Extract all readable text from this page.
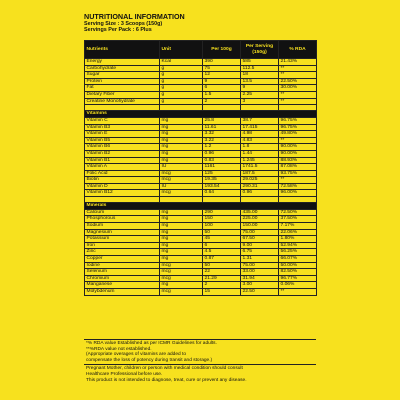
NUTRITIONAL INFORMATION
Serving Size : 3 Scoops (150g)
Servings Per Pack : 6 Plus
Nutrients	Unit	Per 100g	Per Serving (150g)	% RDA
Energy	Kcal	390	585	21.43%
Carbohydrate	g	75	112.5	**
Sugar	g	12	18	**
Protein	g	9	13.5	22.50%
Fat	g	6	9	30.00%
Dietary Fiber	g	1.5	2.25	**
Creatine Monohydrate	g	2	3	**

Vitamins				
Vitamin C	mg	25.8	38.7	96.75%
Vitamin B3	mg	11.61	17.415	96.75%
Vitamin E	mg	3.32	4.98	49.80%
Vitamin B5	mg	3.22	4.83	**
Vitamin B6	mg	1.2	1.8	90.00%
Vitamin B2	mg	0.96	1.44	90.00%
Vitamin B1	mg	0.83	1.245	88.93%
Vitamin A	IU	1161	1741.5	87.08%
Folic Acid	mcg	125	187.5	93.75%
Biotin	mcg	19.35	29.025	**
Vitamin D	IU	193.54	290.31	72.58%
Vitamin B12	mcg	0.64	0.96	96.00%

Minerals				
Calcium	mg	290	435.00	72.50%
Phosphorous	mg	150	225.00	37.50%
Sodium	mg	100	150.00	7.17%
Magnesium	mg	50	75.00	22.06%
Potassium	mg	45	67.50	1.80%
Iron	mg	6	9.00	52.94%
Zinc	mg	4.5	6.75	56.25%
Copper	mg	0.87	1.31	66.07%
Iodine	mcg	50	75.00	50.00%
Selenium	mcg	22	33.00	82.50%
Chromium	mcg	21.29	31.94	96.77%
Manganese	mg	2	3.00	0.06%
Molybdenum	mcg	15	22.50	**
*% RDA value Established as per ICMR Guidelines for adults.
**%RDA value not established.
(Appropriate overages of vitamins are added to
compensate the loss of potency during transit and storage.)
Pregnant Mother, children or person with medical condition should consult
Healthcare Professional before use.
This product is not intended to diagnose, treat, cure or prevent any disease.
